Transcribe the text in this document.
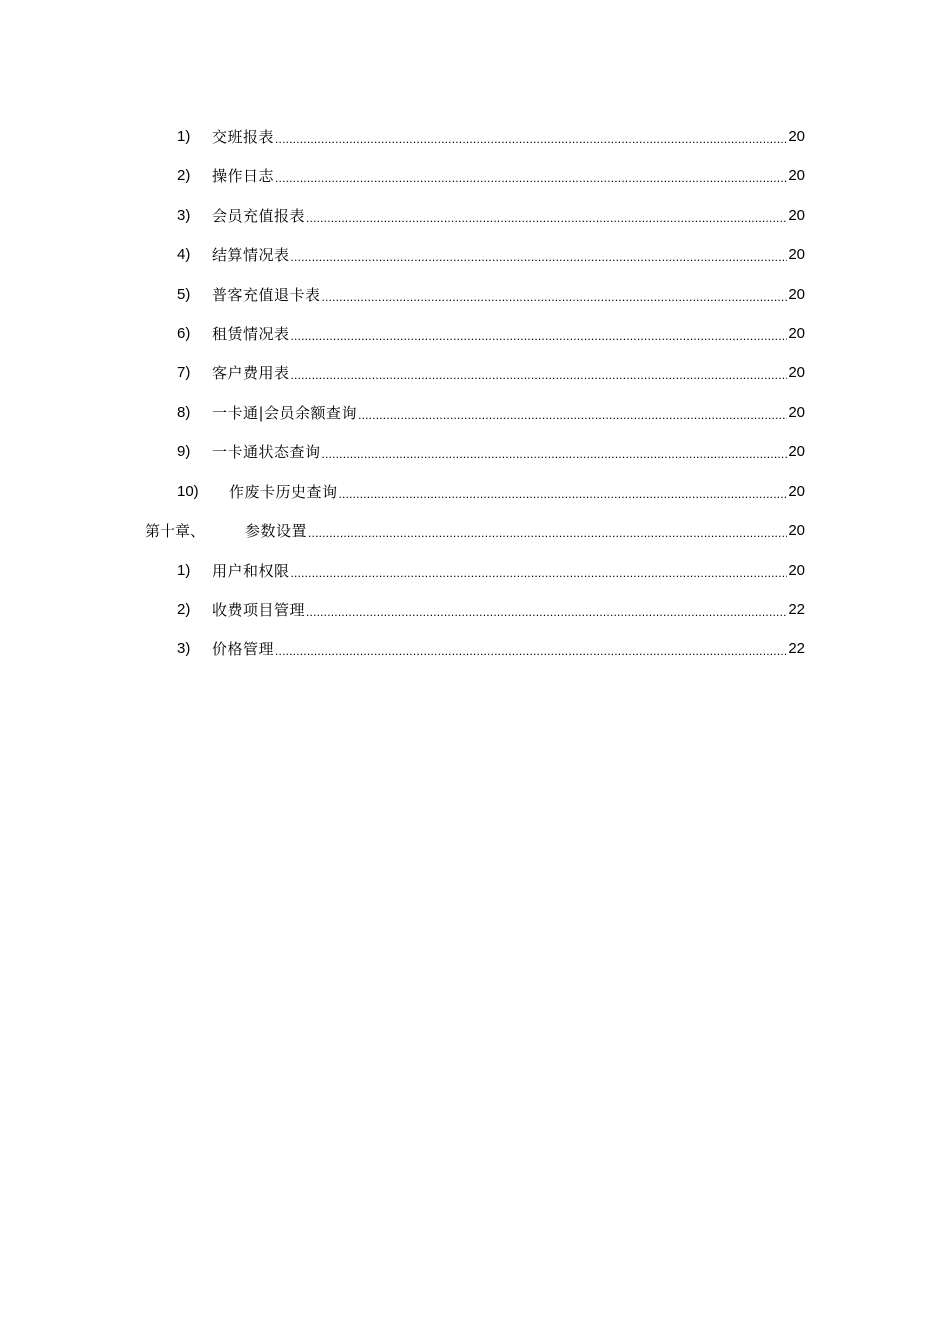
1)	交班报表 .....	20
2)	操作日志 .....	20
3)	会员充值报表 .....	20
4)	结算情况表 .....	20
5)	普客充值退卡表 .....	20
6)	租赁情况表 .....	20
7)	客户费用表 .....	20
8)	一卡通|会员余额查询 .....	20
9)	一卡通状态查询 .....	20
10)	作废卡历史查询 .....	20
第十章、	参数设置 .....	20
1)	用户和权限 .....	20
2)	收费项目管理 .....	22
3)	价格管理 .....	22
